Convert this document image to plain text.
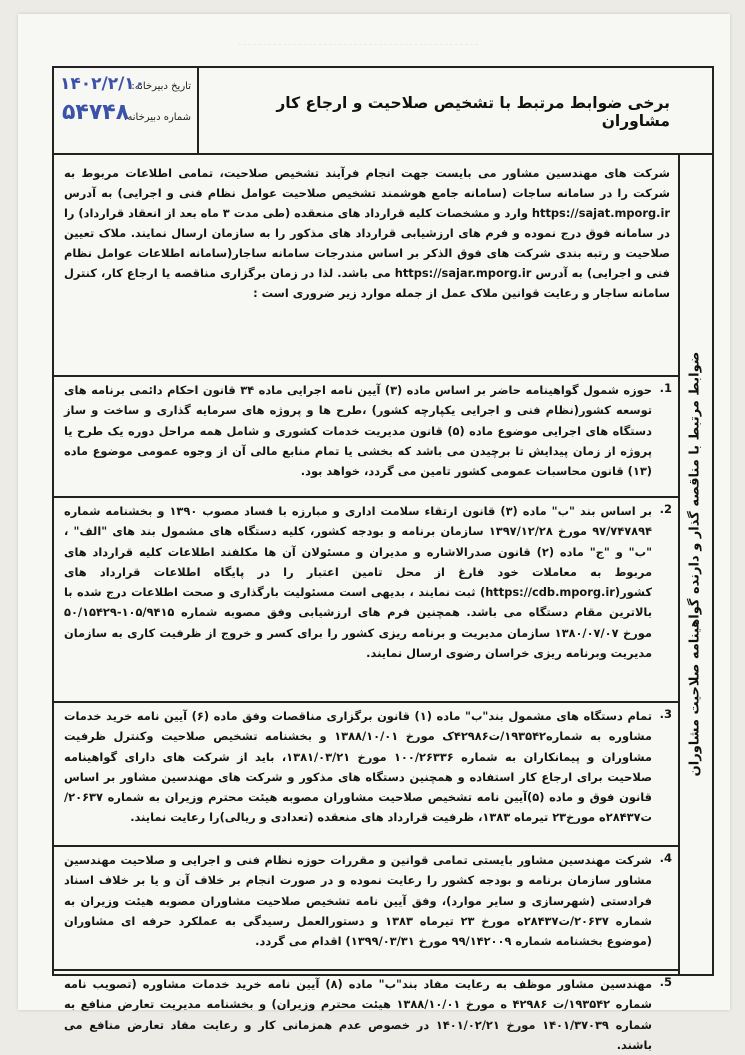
برخی ضوابط مرتبط با تشخیص صلاحیت و ارجاع کار مشاوران
تاریخ دبیرخانه:
۱۴۰۲/۲/۱۰
شماره دبیرخانه:
۵۴۷۴۸
ضوابط مرتبط با مناقصه گذار و دارنده گواهینامه صلاحیت مشاوران
شرکت های مهندسین مشاور می بایست جهت انجام فرآیند تشخیص صلاحیت، تمامی اطلاعات مربوط به شرکت را در سامانه ساجات (سامانه جامع هوشمند تشخیص صلاحیت عوامل نظام فنی و اجرایی) به آدرس https://sajat.mporg.ir وارد و مشخصات کلیه قرارداد های منعقده (طی مدت ۳ ماه بعد از انعقاد قرارداد) را در سامانه فوق درج نموده و فرم های ارزشیابی قرارداد های مذکور را به سازمان ارسال نمایند. ملاک تعیین صلاحیت و رتبه بندی شرکت های فوق الذکر بر اساس مندرجات سامانه ساجار(سامانه اطلاعات عوامل نظام فنی و اجرایی) به آدرس https://sajar.mporg.ir می باشد. لذا در زمان برگزاری مناقصه یا ارجاع کار، کنترل سامانه ساجار و رعایت قوانین ملاک عمل از جمله موارد زیر ضروری است :
.1
حوزه شمول گواهینامه حاضر بر اساس ماده (۳) آیین نامه اجرایی ماده ۳۴ قانون احکام دائمی برنامه های توسعه کشور(نظام فنی و اجرایی یکپارچه کشور) ،طرح ها و پروژه های سرمایه گذاری و ساخت و ساز دستگاه های اجرایی موضوع ماده (۵) قانون مدیریت خدمات کشوری و شامل همه مراحل دوره یک طرح یا پروژه از زمان پیدایش تا برچیدن می باشد که بخشی یا تمام منابع مالی آن از وجوه عمومی موضوع ماده (۱۳) قانون محاسبات عمومی کشور تامین می گردد، خواهد بود.
.2
بر اساس بند "ب" ماده (۳) قانون ارتقاء سلامت اداری و مبارزه با فساد مصوب ۱۳۹۰ و بخشنامه شماره ۹۷/۷۴۷۸۹۴ مورخ ۱۳۹۷/۱۲/۲۸ سازمان برنامه و بودجه کشور، کلیه دستگاه های مشمول بند های "الف" ، "ب" و "ج" ماده (۲) قانون صدرالاشاره و مدیران و مسئولان آن ها مکلفند اطلاعات کلیه قرارداد های مربوط به معاملات خود فارغ از محل تامین اعتبار را در پایگاه اطلاعات قرارداد های کشور(https://cdb.mporg.ir) ثبت نمایند ، بدیهی است مسئولیت بارگذاری و صحت اطلاعات درج شده با بالاترین مقام دستگاه می باشد. همچنین فرم های ارزشیابی وفق مصوبه شماره ۱۰۵/۹۴۱۵-۵۰/۱۵۴۲۹ مورخ ۱۳۸۰/۰۷/۰۷ سازمان مدیریت و برنامه ریزی کشور را برای کسر و خروج از ظرفیت کاری به سازمان مدیریت وبرنامه ریزی خراسان رضوی ارسال نمایند.
.3
تمام دستگاه های مشمول بند"ب" ماده (۱) قانون برگزاری مناقصات وفق ماده (۶) آیین نامه خرید خدمات مشاوره به شماره۱۹۳۵۴۲/ت۴۲۹۸۶ک مورخ ۱۳۸۸/۱۰/۰۱ و بخشنامه تشخیص صلاحیت وکنترل ظرفیت مشاوران و پیمانکاران به شماره ۱۰۰/۲۶۳۳۶ مورخ ۱۳۸۱/۰۳/۲۱، باید از شرکت های دارای گواهینامه صلاحیت برای ارجاع کار استفاده و همچنین دستگاه های مذکور و شرکت های مهندسین مشاور بر اساس قانون فوق و ماده (۵)آیین نامه تشخیص صلاحیت مشاوران مصوبه هیئت محترم وزیران به شماره ۲۰۶۳۷/ت۲۸۴۳۷ه مورخ۲۳ تیرماه ۱۳۸۳، ظرفیت قرارداد های منعقده (تعدادی و ریالی)را رعایت نمایند.
.4
شرکت مهندسین مشاور بایستی تمامی قوانین و مقررات حوزه نظام فنی و اجرایی و صلاحیت مهندسین مشاور سازمان برنامه و بودجه کشور را رعایت نموده و در صورت انجام بر خلاف آن و یا بر خلاف اسناد فرادستی (شهرسازی و سایر موارد)، وفق آیین نامه تشخیص صلاحیت مشاوران مصوبه هیئت وزیران به شماره ۲۰۶۳۷/ت۲۸۴۳۷ه مورخ ۲۳ تیرماه ۱۳۸۳ و دستورالعمل رسیدگی به عملکرد حرفه ای مشاوران (موضوع بخشنامه شماره ۹۹/۱۴۲۰۰۹ مورخ ۱۳۹۹/۰۳/۳۱) اقدام می گردد.
.5
مهندسین مشاور موظف به رعایت مفاد بند"ب" ماده (۸) آیین نامه خرید خدمات مشاوره (تصویب نامه شماره ۱۹۳۵۴۲/ت ۴۲۹۸۶ ه مورخ ۱۳۸۸/۱۰/۰۱ هیئت محترم وزیران) و بخشنامه مدیریت تعارض منافع به شماره ۱۴۰۱/۳۷۰۳۹ مورخ ۱۴۰۱/۰۲/۲۱ در خصوص عدم همزمانی کار و رعایت مفاد تعارض منافع می باشند.
